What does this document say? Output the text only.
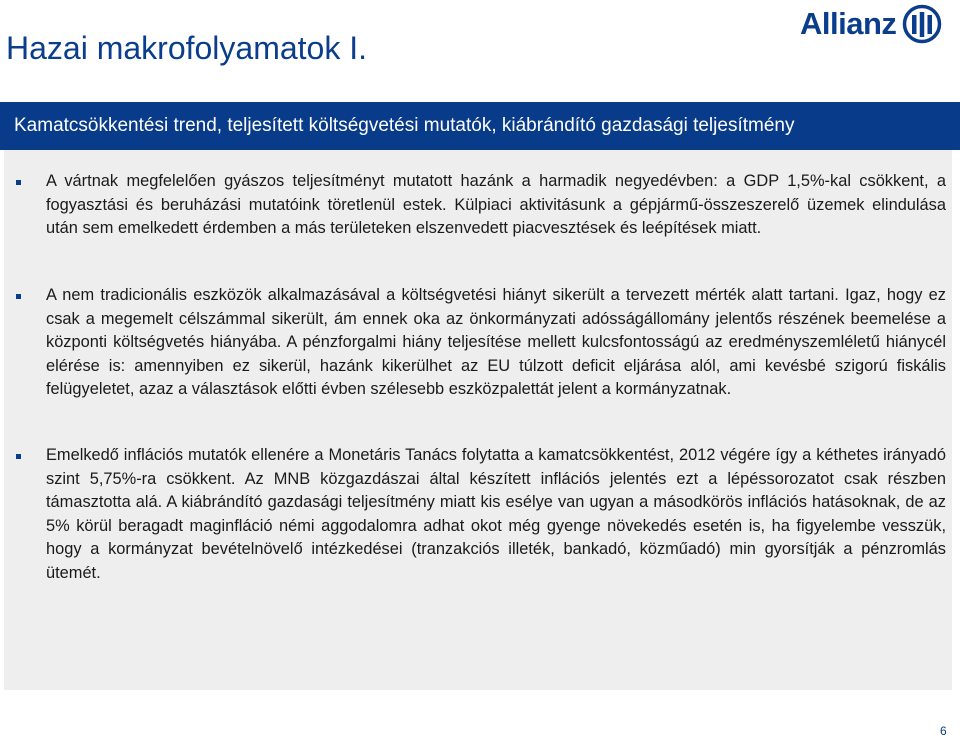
Hazai makrofolyamatok I.
Allianz
Kamatcsökkentési trend, teljesített költségvetési mutatók, kiábrándító gazdasági teljesítmény
A vártnak megfelelően gyászos teljesítményt mutatott hazánk a harmadik negyedévben: a GDP 1,5%-kal csökkent, a fogyasztási és beruházási mutatóink töretlenül estek. Külpiaci aktivitásunk a gépjármű-összeszerelő üzemek elindulása után sem emelkedett érdemben a más területeken elszenvedett piacvesztések és leépítések miatt.
A nem tradicionális eszközök alkalmazásával a költségvetési hiányt sikerült a tervezett mérték alatt tartani. Igaz, hogy ez csak a megemelt célszámmal sikerült, ám ennek oka az önkormányzati adósságállomány jelentős részének beemelése a központi költségvetés hiányába. A pénzforgalmi hiány teljesítése mellett kulcsfontosságú az eredményszemléletű hiánycél elérése is: amennyiben ez sikerül, hazánk kikerülhet az EU túlzott deficit eljárása alól, ami kevésbé szigorú fiskális felügyeletet, azaz a választások előtti évben szélesebb eszközpalettát jelent a kormányzatnak.
Emelkedő inflációs mutatók ellenére a Monetáris Tanács folytatta a kamatcsökkentést, 2012 végére így a kéthetes irányadó szint 5,75%-ra csökkent. Az MNB közgazdászai által készített inflációs jelentés ezt a lépéssorozatot csak részben támasztotta alá. A kiábrándító gazdasági teljesítmény miatt kis esélye van ugyan a másodkörös inflációs hatásoknak, de az 5% körül beragadt maginfláció némi aggodalomra adhat okot még gyenge növekedés esetén is, ha figyelembe vesszük, hogy a kormányzat bevételnövelő intézkedései (tranzakciós illeték, bankadó, közműadó) min gyorsítják a pénzromlás ütemét.
6
